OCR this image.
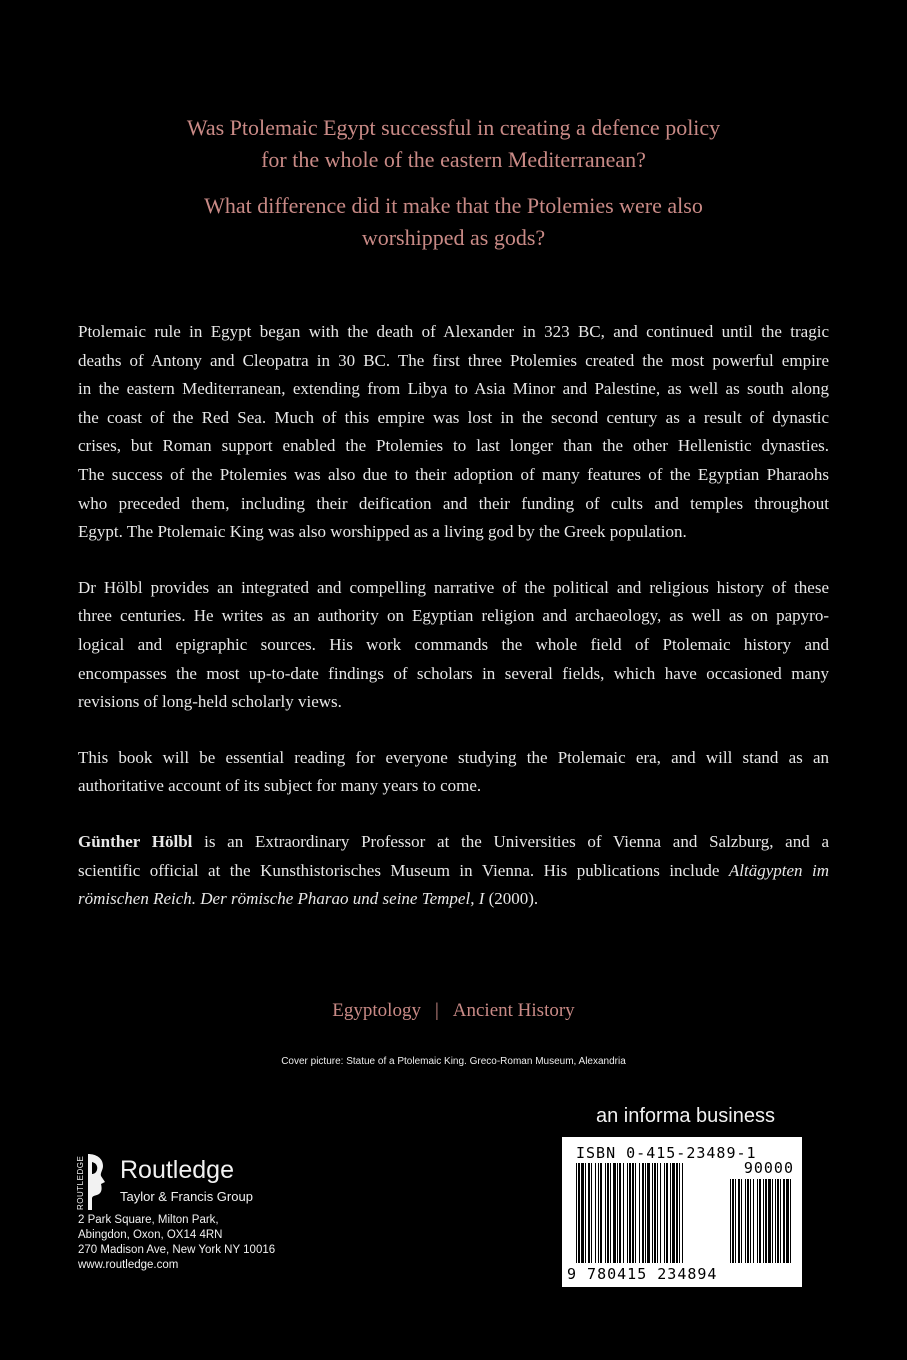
Was Ptolemaic Egypt successful in creating a defence policy
for the whole of the eastern Mediterranean?

What difference did it make that the Ptolemies were also
worshipped as gods?

Ptolemaic rule in Egypt began with the death of Alexander in 323 BC, and continued until the tragic
deaths of Antony and Cleopatra in 30 BC. The first three Ptolemies created the most powerful empire
in the eastern Mediterranean, extending from Libya to Asia Minor and Palestine, as well as south along
the coast of the Red Sea. Much of this empire was lost in the second century as a result of dynastic
crises, but Roman support enabled the Ptolemies to last longer than the other Hellenistic dynasties.
The success of the Ptolemies was also due to their adoption of many features of the Egyptian Pharaohs
who preceded them, including their deification and their funding of cults and temples throughout
Egypt. The Ptolemaic King was also worshipped as a living god by the Greek population.

Dr Hölbl provides an integrated and compelling narrative of the political and religious history of these
three centuries. He writes as an authority on Egyptian religion and archaeology, as well as on papyro-
logical and epigraphic sources. His work commands the whole field of Ptolemaic history and
encompasses the most up-to-date findings of scholars in several fields, which have occasioned many
revisions of long-held scholarly views.

This book will be essential reading for everyone studying the Ptolemaic era, and will stand as an
authoritative account of its subject for many years to come.

Günther Hölbl is an Extraordinary Professor at the Universities of Vienna and Salzburg, and a
scientific official at the Kunsthistorisches Museum in Vienna. His publications include Altägypten im
römischen Reich. Der römische Pharao und seine Tempel, I (2000).

Egyptology | Ancient History
Cover picture: Statue of a Ptolemaic King. Greco-Roman Museum, Alexandria
an informa business
ROUTLEDGE Routledge
Taylor & Francis Group
2 Park Square, Milton Park,
Abingdon, Oxon, OX14 4RN
270 Madison Ave, New York NY 10016
www.routledge.com
ISBN 0-415-23489-1
90000
9 780415 234894
